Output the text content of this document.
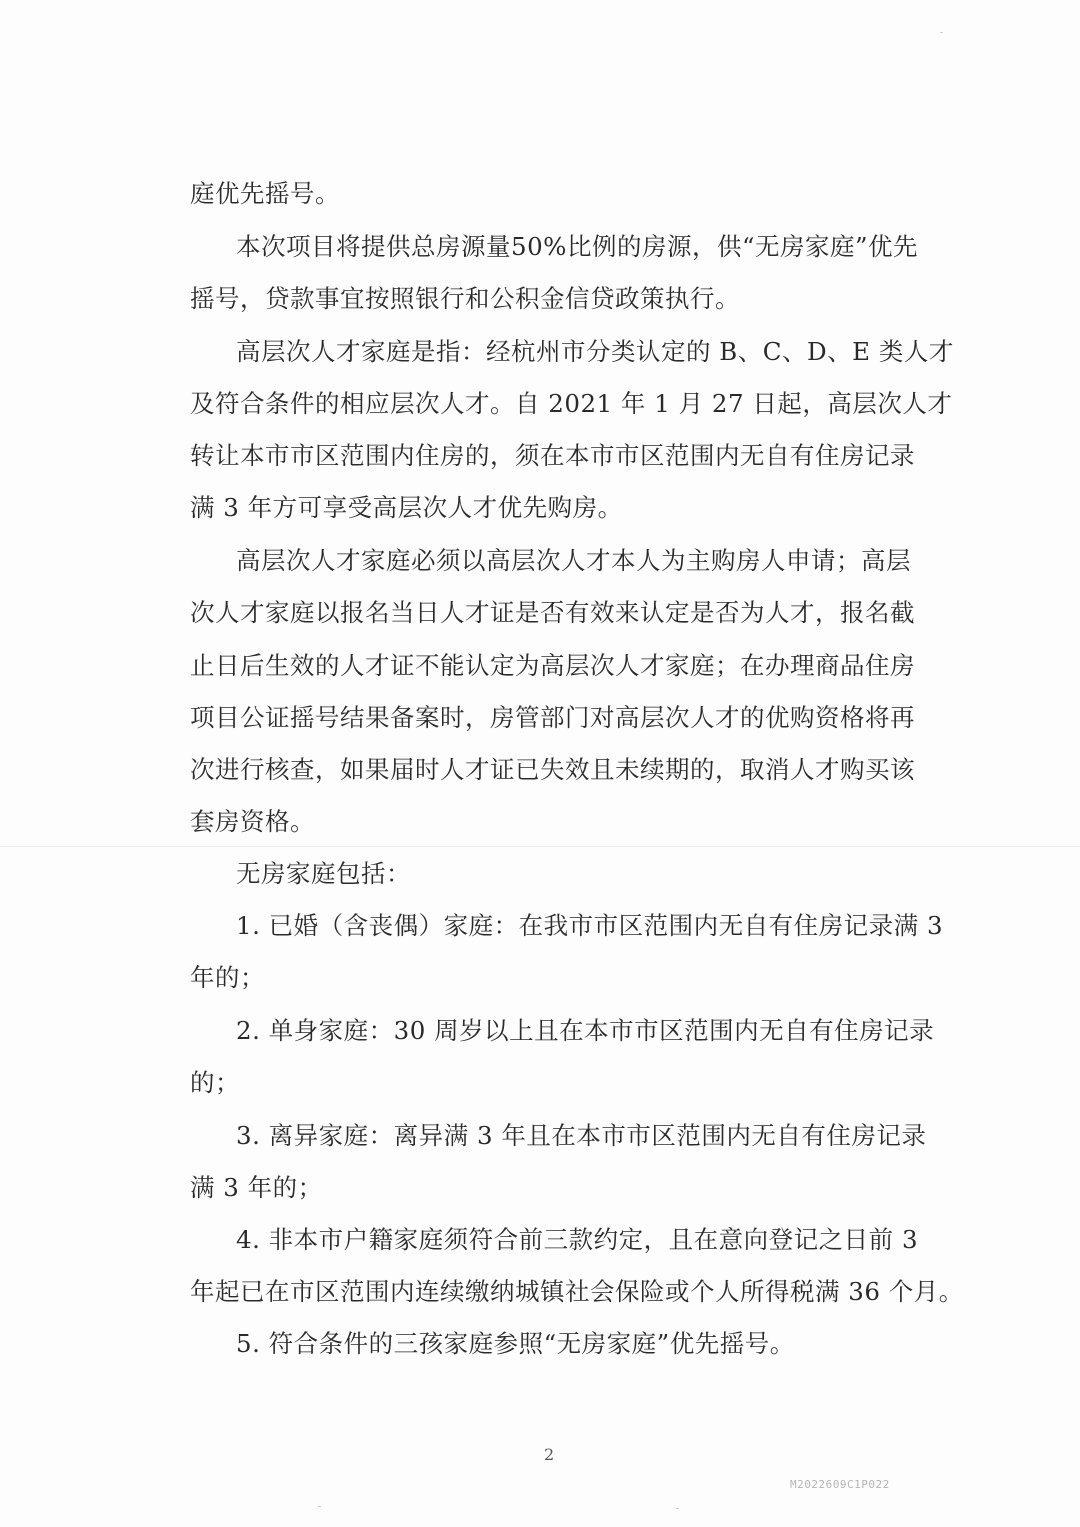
庭优先摇号。
本次项目将提供总房源量50%比例的房源，供“无房家庭”优先
摇号，贷款事宜按照银行和公积金信贷政策执行。
高层次人才家庭是指：经杭州市分类认定的 B、C、D、E 类人才
及符合条件的相应层次人才。自 2021 年 1 月 27 日起，高层次人才
转让本市市区范围内住房的，须在本市市区范围内无自有住房记录
满 3 年方可享受高层次人才优先购房。
高层次人才家庭必须以高层次人才本人为主购房人申请；高层
次人才家庭以报名当日人才证是否有效来认定是否为人才，报名截
止日后生效的人才证不能认定为高层次人才家庭；在办理商品住房
项目公证摇号结果备案时，房管部门对高层次人才的优购资格将再
次进行核查，如果届时人才证已失效且未续期的，取消人才购买该
套房资格。
无房家庭包括：
1. 已婚（含丧偶）家庭：在我市市区范围内无自有住房记录满 3
年的；
2. 单身家庭：30 周岁以上且在本市市区范围内无自有住房记录
的；
3. 离异家庭：离异满 3 年且在本市市区范围内无自有住房记录
满 3 年的；
4. 非本市户籍家庭须符合前三款约定，且在意向登记之日前 3
年起已在市区范围内连续缴纳城镇社会保险或个人所得税满 36 个月。
5. 符合条件的三孩家庭参照“无房家庭”优先摇号。
2
M2022609C1P022
